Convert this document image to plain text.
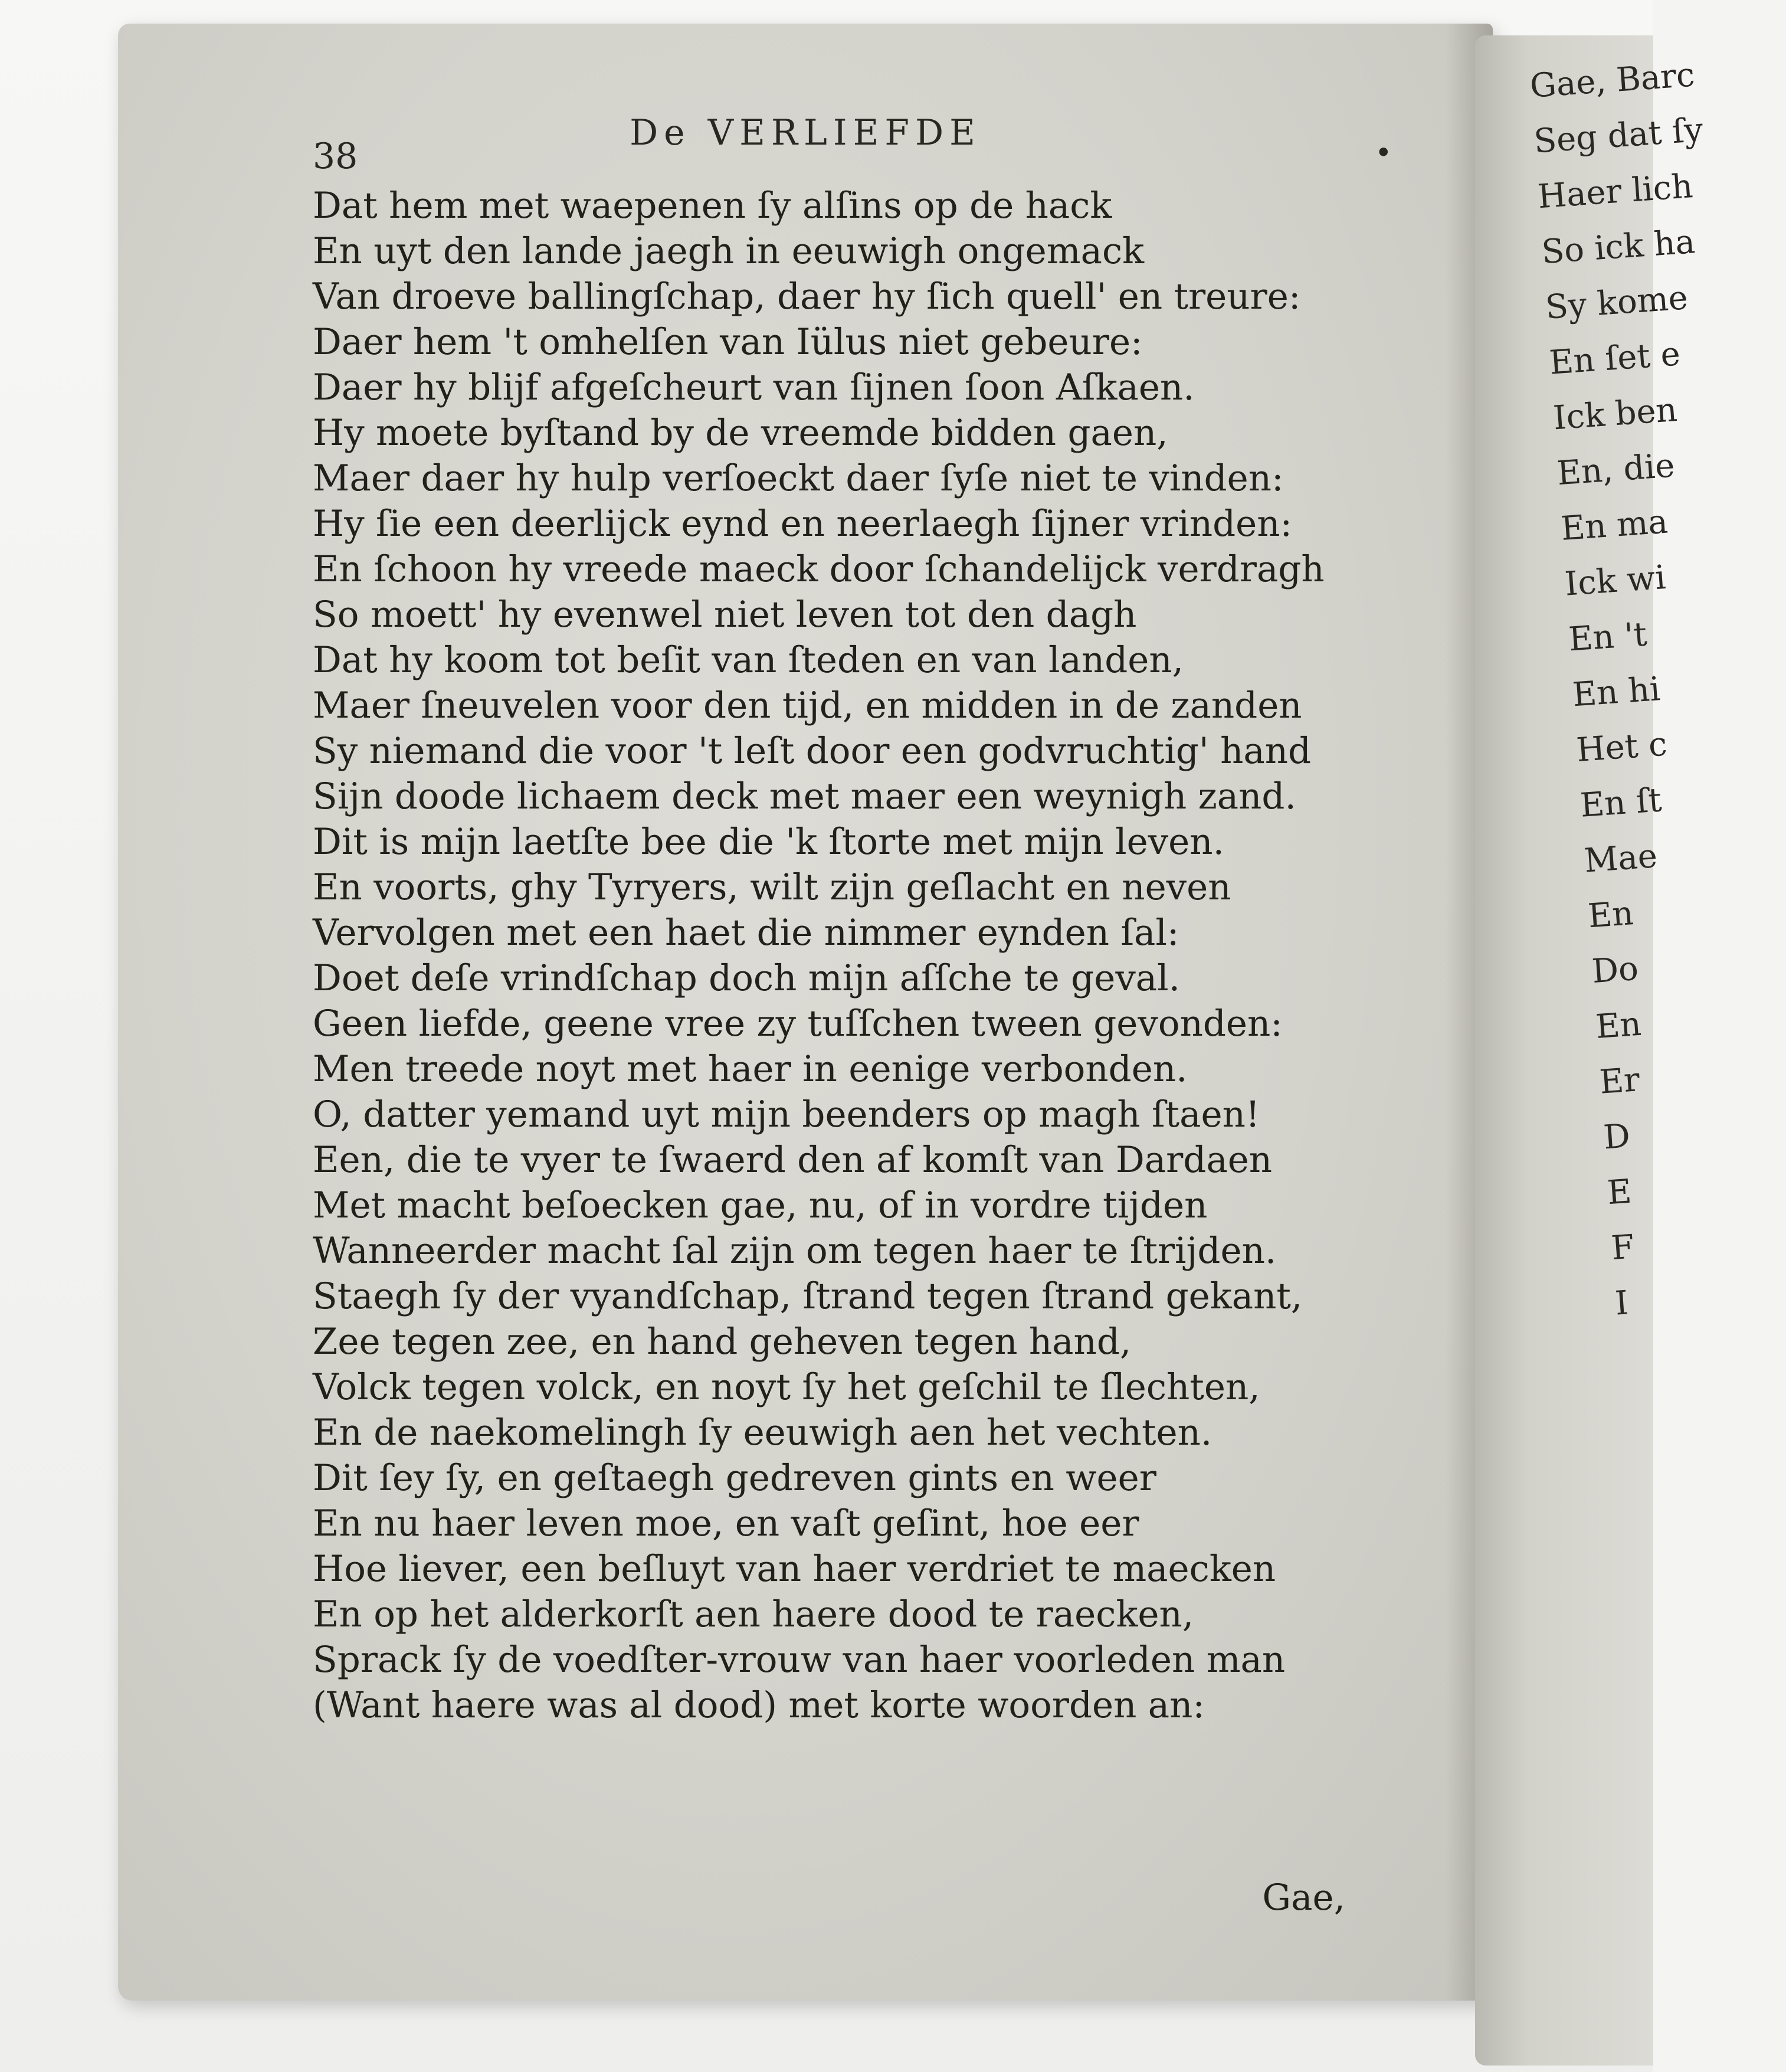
38
De VERLIEFDE	•
Dat hem met waepenen ſy alſins op de hack
En uyt den lande jaegh in eeuwigh ongemack
Van droeve ballingſchap, daer hy ſich quell' en treure:
Daer hem 't omhelſen van Iülus niet gebeure:
Daer hy blijf afgeſcheurt van ſijnen ſoon Aſkaen.
Hy moete byſtand by de vreemde bidden gaen,
Maer daer hy hulp verſoeckt daer ſyſe niet te vinden:
Hy ſie een deerlijck eynd en neerlaegh ſijner vrinden:
En ſchoon hy vreede maeck door ſchandelijck verdragh
So moett' hy evenwel niet leven tot den dagh
Dat hy koom tot beſit van ſteden en van landen,
Maer ſneuvelen voor den tijd, en midden in de zanden
Sy niemand die voor 't leſt door een godvruchtig' hand
Sijn doode lichaem deck met maer een weynigh zand.
Dit is mijn laetſte bee die 'k ſtorte met mijn leven.
En voorts, ghy Tyryers, wilt zijn geſlacht en neven
Vervolgen met een haet die nimmer eynden ſal:
Doet deſe vrindſchap doch mijn aſſche te geval.
Geen liefde, geene vree zy tuſſchen tween gevonden:
Men treede noyt met haer in eenige verbonden.
O, datter yemand uyt mijn beenders op magh ſtaen!
Een, die te vyer te ſwaerd den af komſt van Dardaen
Met macht beſoecken gae, nu, of in vordre tijden
Wanneerder macht ſal zijn om tegen haer te ſtrijden.
Staegh ſy der vyandſchap, ſtrand tegen ſtrand gekant,
Zee tegen zee, en hand geheven tegen hand,
Volck tegen volck, en noyt ſy het geſchil te ſlechten,
En de naekomelingh ſy eeuwigh aen het vechten.
Dit ſey ſy, en geſtaegh gedreven gints en weer
En nu haer leven moe, en vaſt geſint, hoe eer
Hoe liever, een beſluyt van haer verdriet te maecken
En op het alderkorſt aen haere dood te raecken,
Sprack ſy de voedſter-vrouw van haer voorleden man
(Want haere was al dood) met korte woorden an:
Gae,
Gae, Barc
Seg dat ſy
Haer lich
So ick ha
Sy kome
En ſet e
Ick ben
En, die
En ma
Ick wi
En 't
En hi
Het c
En ſt
Mae
En
Do
En
Er
D
E
F
I
